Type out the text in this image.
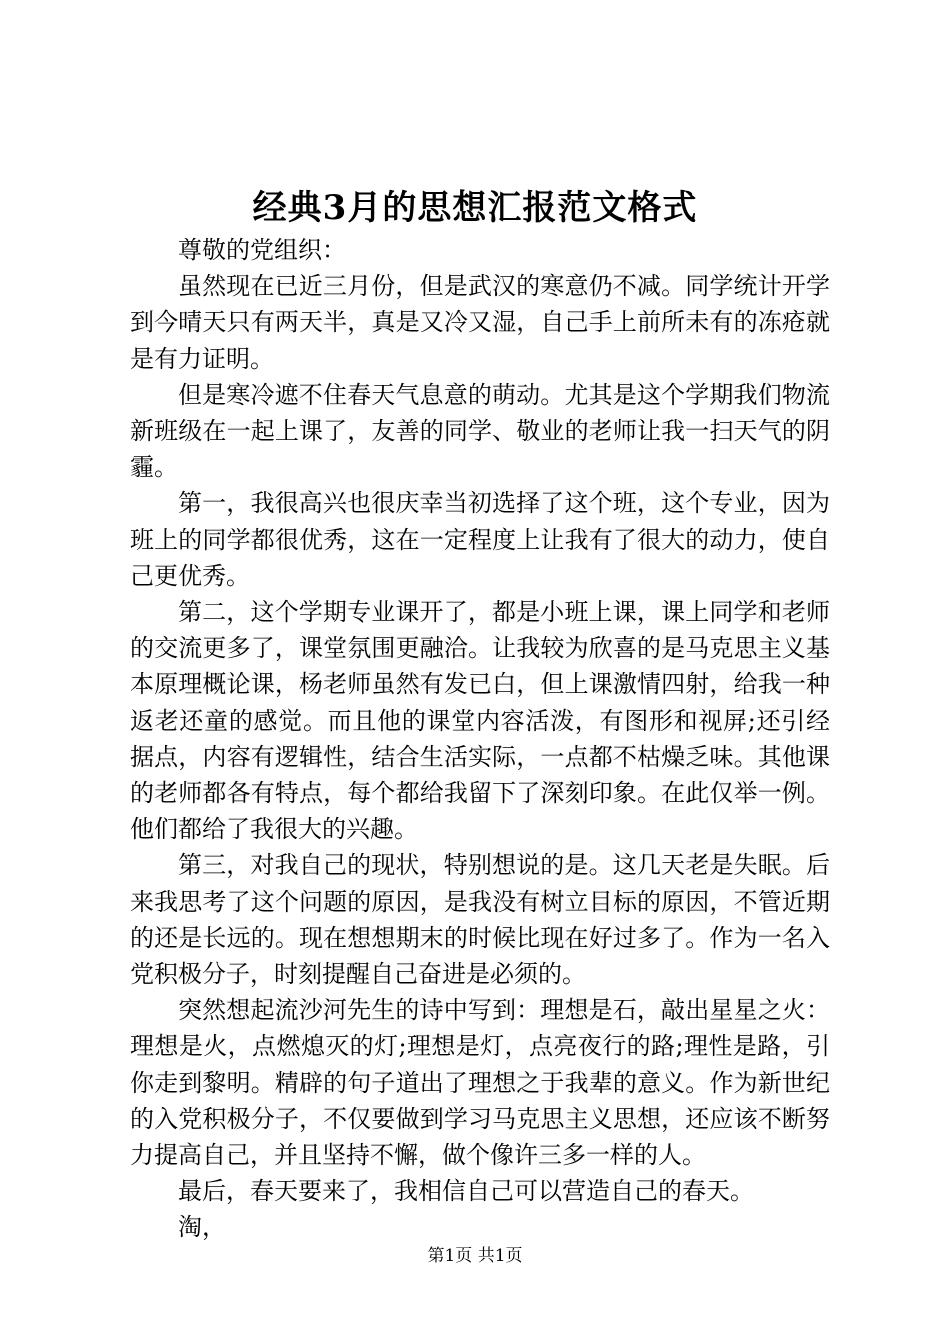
经典3月的思想汇报范文格式

尊敬的党组织：

虽然现在已近三月份，但是武汉的寒意仍不减。同学统计开学到今晴天只有两天半，真是又冷又湿，自己手上前所未有的冻疮就是有力证明。

但是寒冷遮不住春天气息意的萌动。尤其是这个学期我们物流新班级在一起上课了，友善的同学、敬业的老师让我一扫天气的阴霾。

第一，我很高兴也很庆幸当初选择了这个班，这个专业，因为班上的同学都很优秀，这在一定程度上让我有了很大的动力，使自己更优秀。

第二，这个学期专业课开了，都是小班上课，课上同学和老师的交流更多了，课堂氛围更融洽。让我较为欣喜的是马克思主义基本原理概论课，杨老师虽然有发已白，但上课激情四射，给我一种返老还童的感觉。而且他的课堂内容活泼，有图形和视屏;还引经据点，内容有逻辑性，结合生活实际，一点都不枯燥乏味。其他课的老师都各有特点，每个都给我留下了深刻印象。在此仅举一例。他们都给了我很大的兴趣。

第三，对我自己的现状，特别想说的是。这几天老是失眠。后来我思考了这个问题的原因，是我没有树立目标的原因，不管近期的还是长远的。现在想想期末的时候比现在好过多了。作为一名入党积极分子，时刻提醒自己奋进是必须的。

突然想起流沙河先生的诗中写到：理想是石，敲出星星之火：理想是火，点燃熄灭的灯;理想是灯，点亮夜行的路;理性是路，引你走到黎明。精辟的句子道出了理想之于我辈的意义。作为新世纪的入党积极分子，不仅要做到学习马克思主义思想，还应该不断努力提高自己，并且坚持不懈，做个像许三多一样的人。

最后，春天要来了，我相信自己可以营造自己的春天。

淘，

第1页 共1页
